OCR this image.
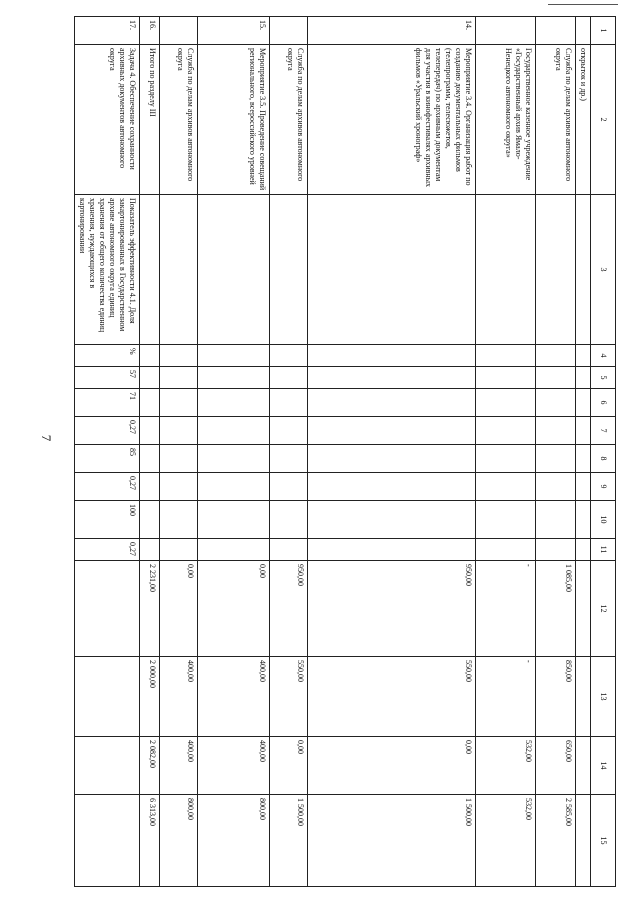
7
1	2	3	4	5	6	7	8	9	10	11	12	13	14	15
	открыток и др.)													
	Служба по делам архивов автономного округа										1 085,00	850,00	650,00	2 585,00
	Государственное казенное учреждение «Государственный архив Ямало-Ненецкого автономного округа»										-	-	532,00	532,00
14.	Мероприятие 3.4. Организация работ по созданию документальных фильмов (телепрограмм, телесюжетов, телепередач) по архивным документам для участия в кинофестивалях архивных фильмов «Уральский хронограф»										950,00	550,00	0,00	1 500,00
	Служба по делам архивов автономного округа										950,00	550,00	0,00	1 500,00
15.	Мероприятие 3.5. Проведение совещаний регионального, всероссийского уровней										0,00	400,00	400,00	800,00
	Служба по делам архивов автономного округа										0,00	400,00	400,00	800,00
16.	Итого по разделу III										2 231,00	2 000,00	2 082,00	6 313,00
17.	Задача 4. Обеспечение сохранности архивных документов автономного округа	Показатель эффективности 4.1. Доля закартонированных в Государственном архиве автономного округа единиц хранения от общего количества единиц хранения, нуждающихся в картонировании	%	57	71	0,27	85	0,27	100	0,27				
